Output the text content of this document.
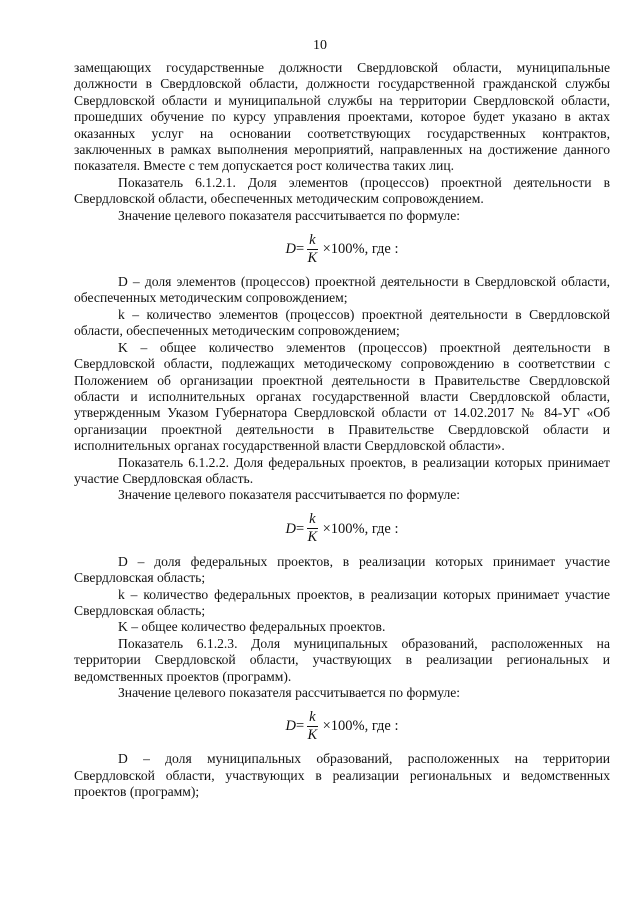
10

замещающих государственные должности Свердловской области, муниципальные должности в Свердловской области, должности государственной гражданской службы Свердловской области и муниципальной службы на территории Свердловской области, прошедших обучение по курсу управления проектами, которое будет указано в актах оказанных услуг на основании соответствующих государственных контрактов, заключенных в рамках выполнения мероприятий, направленных на достижение данного показателя. Вместе с тем допускается рост количества таких лиц.

Показатель 6.1.2.1. Доля элементов (процессов) проектной деятельности в Свердловской области, обеспеченных методическим сопровождением.

Значение целевого показателя рассчитывается по формуле:

$D = \frac{k}{K} \times 100\%$, где :

D – доля элементов (процессов) проектной деятельности в Свердловской области, обеспеченных методическим сопровождением;

k – количество элементов (процессов) проектной деятельности в Свердловской области, обеспеченных методическим сопровождением;

K – общее количество элементов (процессов) проектной деятельности в Свердловской области, подлежащих методическому сопровождению в соответствии с Положением об организации проектной деятельности в Правительстве Свердловской области и исполнительных органах государственной власти Свердловской области, утвержденным Указом Губернатора Свердловской области от 14.02.2017 № 84-УГ «Об организации проектной деятельности в Правительстве Свердловской области и исполнительных органах государственной власти Свердловской области».

Показатель 6.1.2.2. Доля федеральных проектов, в реализации которых принимает участие Свердловская область.

Значение целевого показателя рассчитывается по формуле:

$D = \frac{k}{K} \times 100\%$, где :

D – доля федеральных проектов, в реализации которых принимает участие Свердловская область;

k – количество федеральных проектов, в реализации которых принимает участие Свердловская область;

K – общее количество федеральных проектов.

Показатель 6.1.2.3. Доля муниципальных образований, расположенных на территории Свердловской области, участвующих в реализации региональных и ведомственных проектов (программ).

Значение целевого показателя рассчитывается по формуле:

$D = \frac{k}{K} \times 100\%$, где :

D – доля муниципальных образований, расположенных на территории Свердловской области, участвующих в реализации региональных и ведомственных проектов (программ);
